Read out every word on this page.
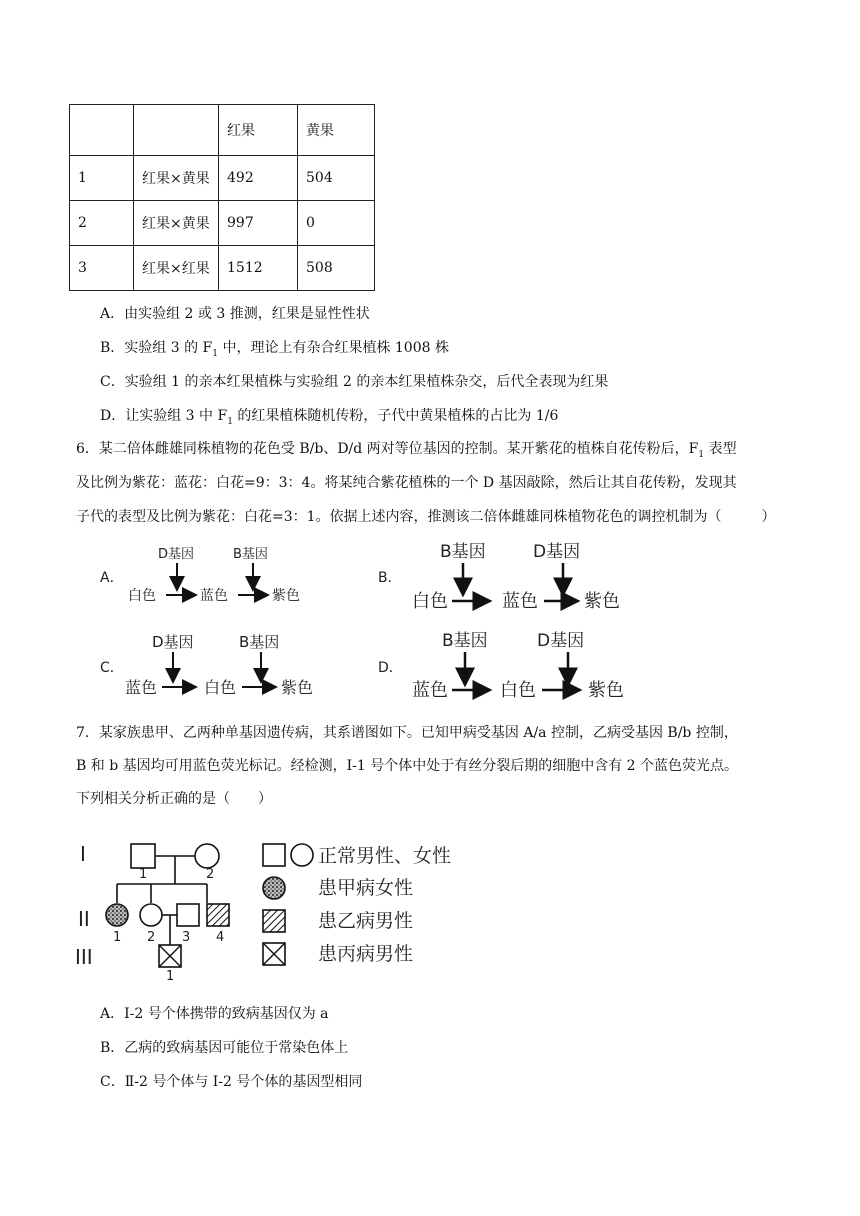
		红果	黄果
1	红果×黄果	492	504
2	红果×黄果	997	0
3	红果×红果	1512	508
A．由实验组 2 或 3 推测，红果是显性性状
B．实验组 3 的 $F_1$ 中，理论上有杂合红果植株 1008 株
C．实验组 1 的亲本红果植株与实验组 2 的亲本红果植株杂交，后代全表现为红果
D．让实验组 3 中 $F_1$ 的红果植株随机传粉，子代中黄果植株的占比为 1/6
6．某二倍体雌雄同株植物的花色受 B/b、D/d 两对等位基因的控制。某开紫花的植株自花传粉后，$F_1$ 表型
及比例为紫花：蓝花：白花=9：3：4。将某纯合紫花植株的一个 D 基因敲除，然后让其自花传粉，发现其
子代的表型及比例为紫花：白花=3：1。依据上述内容，推测该二倍体雌雄同株植物花色的调控机制为（	）
A．
D基因	B基因
白色	蓝色	紫色
B．
B基因	D基因
白色	蓝色	紫色
C．
D基因	B基因
蓝色	白色	紫色
D．
B基因	D基因
蓝色	白色	紫色
7．某家族患甲、乙两种单基因遗传病，其系谱图如下。已知甲病受基因 A/a 控制，乙病受基因 B/b 控制，
B 和 b 基因均可用蓝色荧光标记。经检测，I-1 号个体中处于有丝分裂后期的细胞中含有 2 个蓝色荧光点。
下列相关分析正确的是（　　）
I
II
III
1	2
1 2 3 4
1
正常男性、女性
患甲病女性
患乙病男性
患丙病男性
A．I-2 号个体携带的致病基因仅为 a
B．乙病的致病基因可能位于常染色体上
C．Ⅱ-2 号个体与 I-2 号个体的基因型相同
